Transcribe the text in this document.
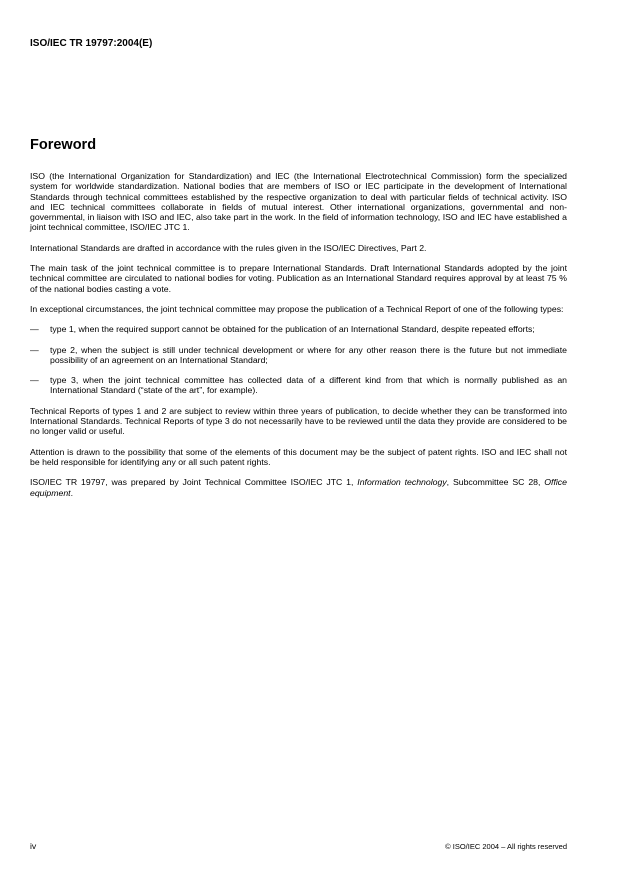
ISO/IEC TR 19797:2004(E)
Foreword

ISO (the International Organization for Standardization) and IEC (the International Electrotechnical Commission) form the specialized system for worldwide standardization. National bodies that are members of ISO or IEC participate in the development of International Standards through technical committees established by the respective organization to deal with particular fields of technical activity. ISO and IEC technical committees collaborate in fields of mutual interest. Other international organizations, governmental and non-governmental, in liaison with ISO and IEC, also take part in the work. In the field of information technology, ISO and IEC have established a joint technical committee, ISO/IEC JTC 1.

International Standards are drafted in accordance with the rules given in the ISO/IEC Directives, Part 2.

The main task of the joint technical committee is to prepare International Standards. Draft International Standards adopted by the joint technical committee are circulated to national bodies for voting. Publication as an International Standard requires approval by at least 75 % of the national bodies casting a vote.

In exceptional circumstances, the joint technical committee may propose the publication of a Technical Report of one of the following types:

—	type 1, when the required support cannot be obtained for the publication of an International Standard, despite repeated efforts;
—	type 2, when the subject is still under technical development or where for any other reason there is the future but not immediate possibility of an agreement on an International Standard;
—	type 3, when the joint technical committee has collected data of a different kind from that which is normally published as an International Standard (“state of the art”, for example).

Technical Reports of types 1 and 2 are subject to review within three years of publication, to decide whether they can be transformed into International Standards. Technical Reports of type 3 do not necessarily have to be reviewed until the data they provide are considered to be no longer valid or useful.

Attention is drawn to the possibility that some of the elements of this document may be the subject of patent rights. ISO and IEC shall not be held responsible for identifying any or all such patent rights.

ISO/IEC TR 19797, was prepared by Joint Technical Committee ISO/IEC JTC 1, Information technology, Subcommittee SC 28, Office equipment.

iv	© ISO/IEC 2004 – All rights reserved
